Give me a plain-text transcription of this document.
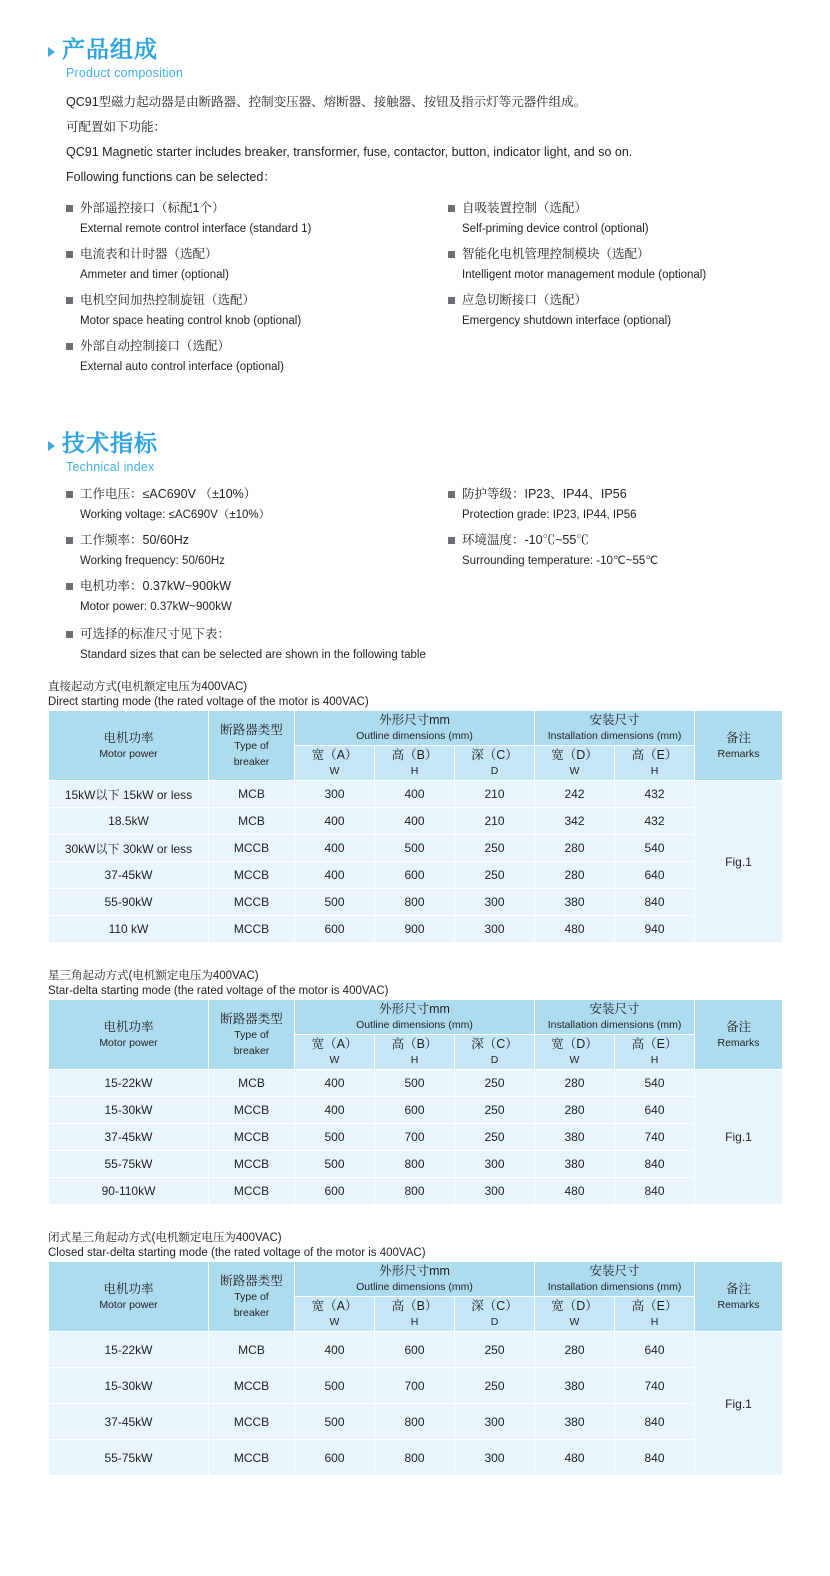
产品组成
Product composition
QC91型磁力起动器是由断路器、控制变压器、熔断器、接触器、按钮及指示灯等元器件组成。
可配置如下功能：
QC91 Magnetic starter includes breaker, transformer, fuse, contactor, button, indicator light, and so on.
Following functions can be selected：
外部遥控接口（标配1个）
External remote control interface (standard 1)
电流表和计时器（选配）
Ammeter and timer (optional)
电机空间加热控制旋钮（选配）
Motor space heating control knob (optional)
外部自动控制接口（选配）
External auto control interface (optional)
自吸装置控制（选配）
Self-priming device control (optional)
智能化电机管理控制模块（选配）
Intelligent motor management module (optional)
应急切断接口（选配）
Emergency shutdown interface (optional)
技术指标
Technical index
工作电压：≤AC690V （±10%）
Working voltage: ≤AC690V（±10%）
工作频率：50/60Hz
Working frequency: 50/60Hz
电机功率：0.37kW~900kW
Motor power: 0.37kW~900kW
防护等级：IP23、IP44、IP56
Protection grade: IP23, IP44, IP56
环境温度：-10℃~55℃
Surrounding temperature: -10℃~55℃
可选择的标准尺寸见下表：
Standard sizes that can be selected are shown in the following table
直接起动方式(电机额定电压为400VAC)
Direct starting mode (the rated voltage of the motor is 400VAC)
电机功率
Motor power

断路器类型
Type of
breaker

外形尺寸mm
Outline dimensions (mm)

安装尺寸
Installation dimensions (mm)	备注
Remarks

宽（A）
W

高（B）
H

深（C）
D

宽（D）
W

高（E）
H

15kW以下 15kW or less	MCB	300	400	210	242	432	Fig.1
18.5kW	MCB	400	400	210	342	432	
30kW以下 30kW or less	MCCB	400	500	250	280	540	
37-45kW	MCCB	400	600	250	280	640	
55-90kW	MCCB	500	800	300	380	840	
110 kW	MCCB	600	900	300	480	940	
星三角起动方式(电机额定电压为400VAC)
Star-delta starting mode (the rated voltage of the motor is 400VAC)
电机功率
Motor power

断路器类型
Type of
breaker

外形尺寸mm
Outline dimensions (mm)

安装尺寸
Installation dimensions (mm)	备注
Remarks

宽（A）
W

高（B）
H

深（C）
D

宽（D）
W

高（E）
H

15-22kW	MCB	400	500	250	280	540	Fig.1
15-30kW	MCCB	400	600	250	280	640	
37-45kW	MCCB	500	700	250	380	740	
55-75kW	MCCB	500	800	300	380	840	
90-110kW	MCCB	600	800	300	480	840	
闭式星三角起动方式(电机额定电压为400VAC)
Closed star-delta starting mode (the rated voltage of the motor is 400VAC)
电机功率
Motor power

断路器类型
Type of
breaker

外形尺寸mm
Outline dimensions (mm)

安装尺寸
Installation dimensions (mm)	备注
Remarks

宽（A）
W

高（B）
H

深（C）
D

宽（D）
W

高（E）
H

15-22kW	MCB	400	600	250	280	640	Fig.1
15-30kW	MCCB	500	700	250	380	740	
37-45kW	MCCB	500	800	300	380	840	
55-75kW	MCCB	600	800	300	480	840	
